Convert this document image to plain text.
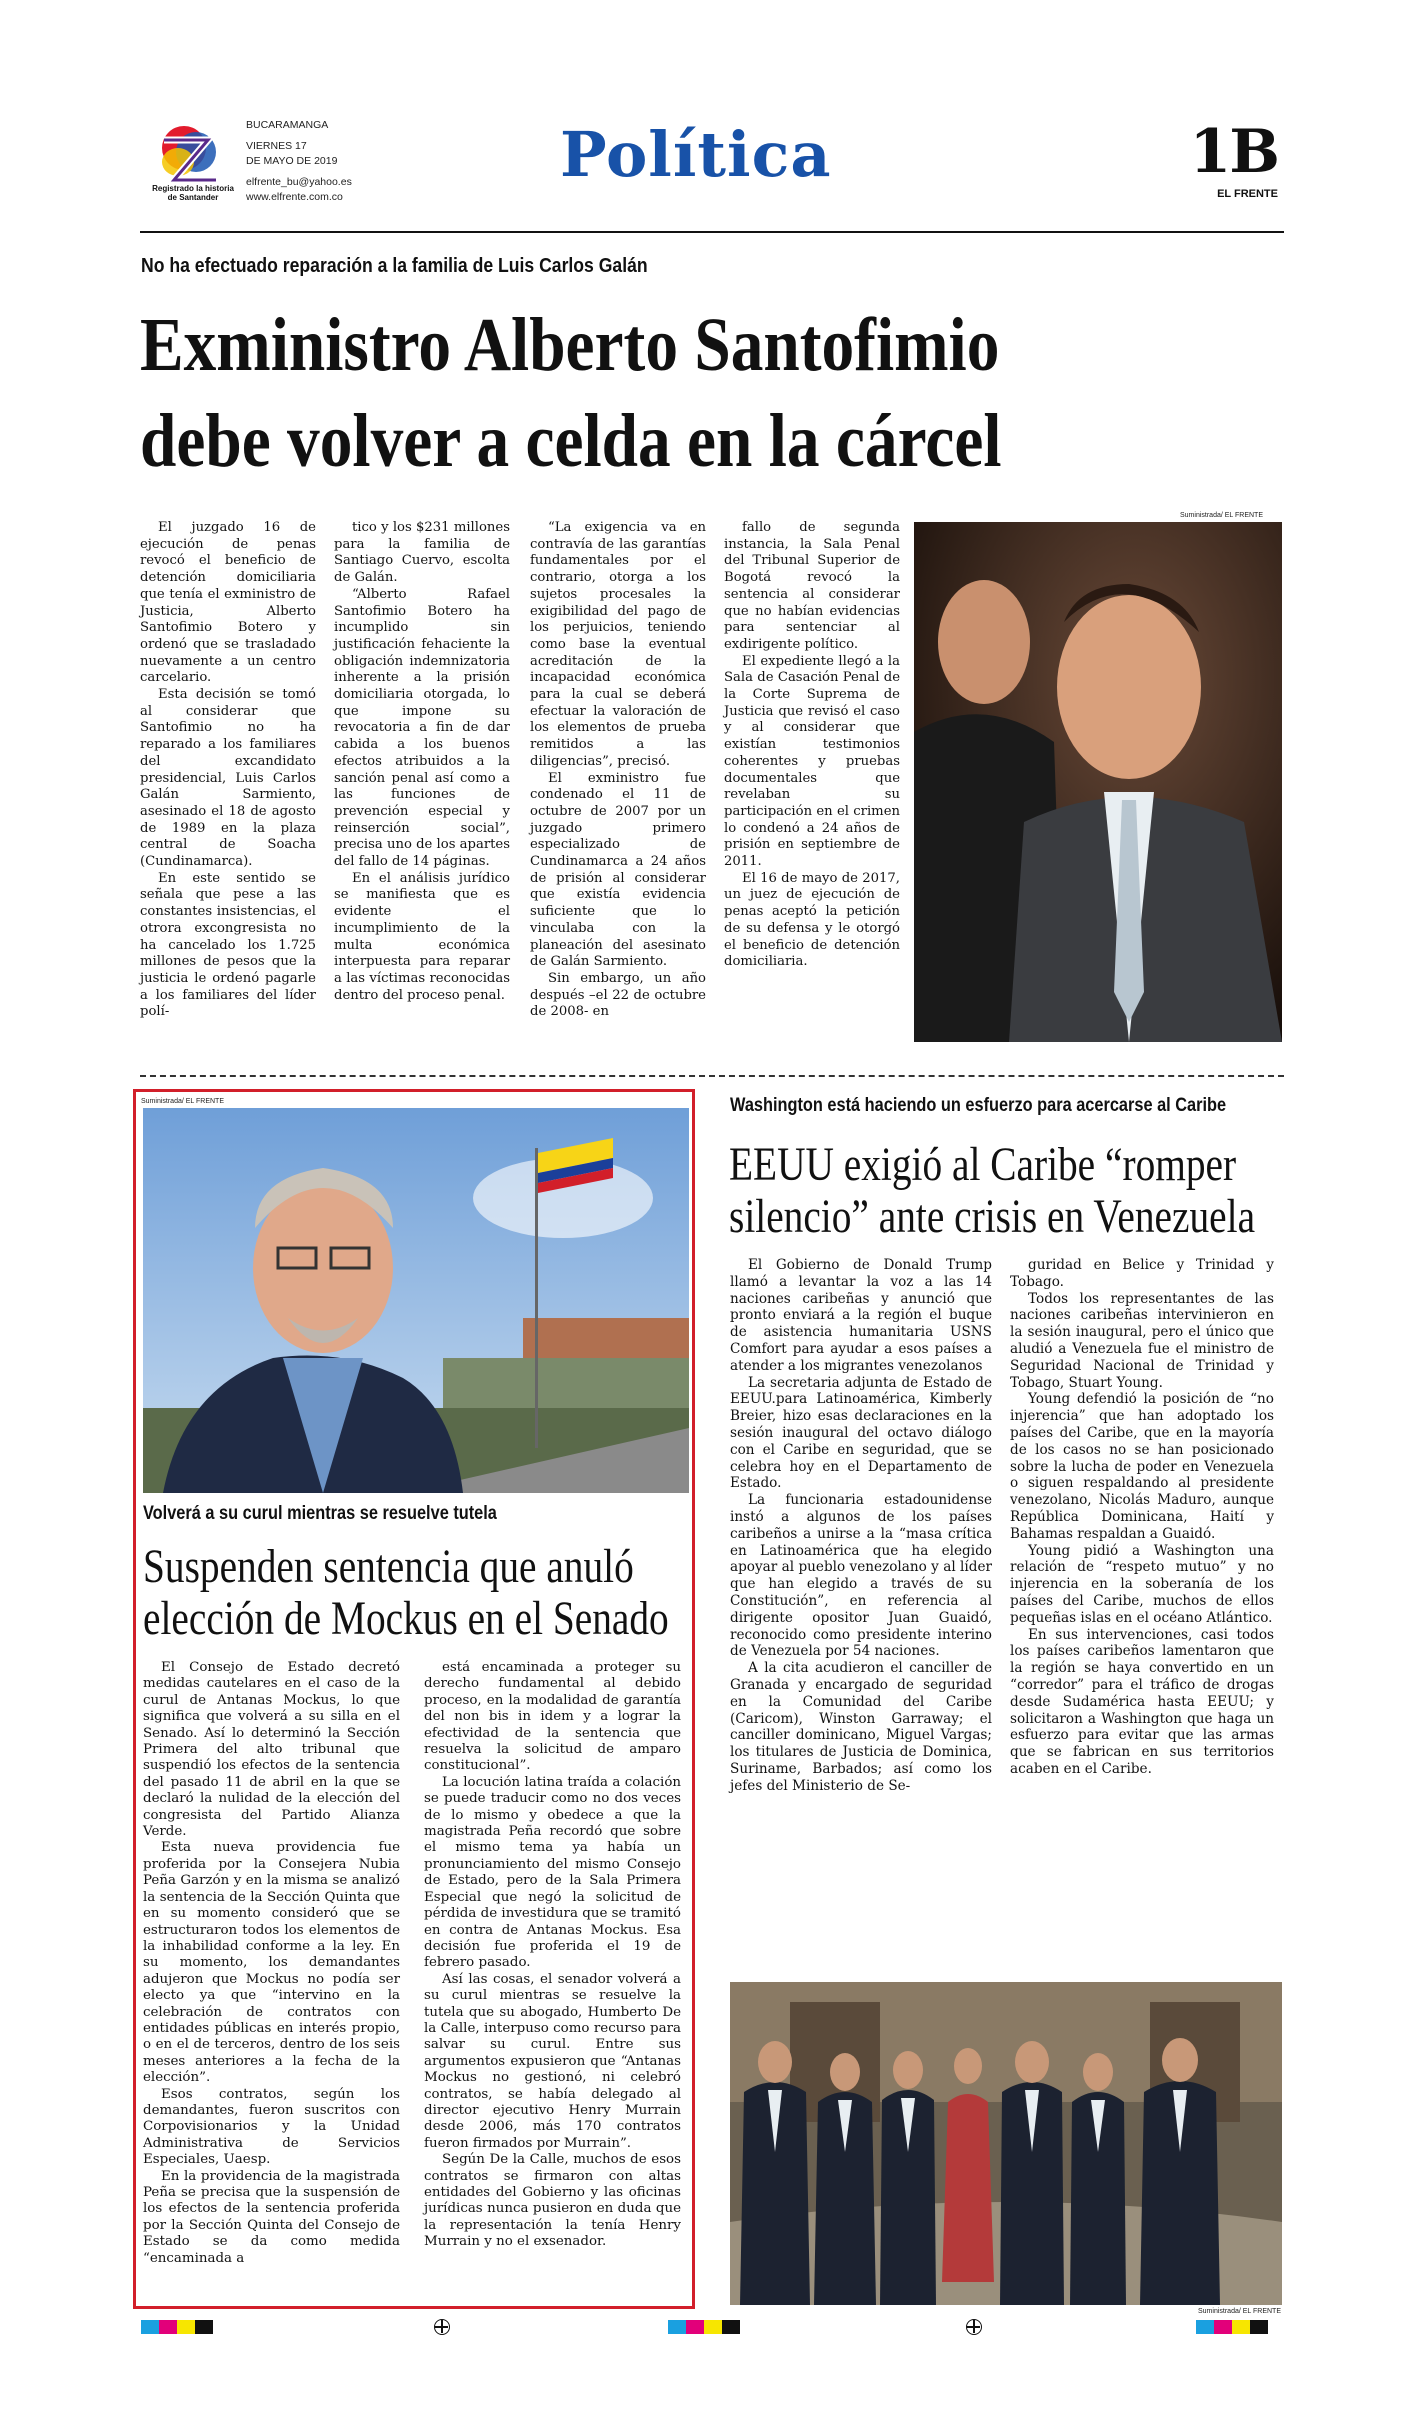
Registrado la historia de Santander
BUCARAMANGA
VIERNES 17
DE MAYO DE 2019
elfrente_bu@yahoo.es
www.elfrente.com.co
Política	1B
EL FRENTE
No ha efectuado reparación a la familia de Luis Carlos Galán
Exministro Alberto Santofimio
debe volver a celda en la cárcel

El juzgado 16 de ejecución de penas revocó el beneficio de detención domiciliaria que tenía el exministro de Justicia, Alberto Santofimio Botero y ordenó que se trasladado nuevamente a un centro carcelario.

Esta decisión se tomó al considerar que Santofimio no ha reparado a los familiares del excandidato presidencial, Luis Carlos Galán Sarmiento, asesinado el 18 de agosto de 1989 en la plaza central de Soacha (Cundinamarca).

En este sentido se señala que pese a las constantes insistencias, el otrora excongresista no ha cancelado los 1.725 millones de pesos que la justicia le ordenó pagarle a los familiares del líder polí-

tico y los $231 millones para la familia de Santiago Cuervo, escolta de Galán.

“Alberto Rafael Santofimio Botero ha incumplido sin justificación fehaciente la obligación indemnizatoria inherente a la prisión domiciliaria otorgada, lo que impone su revocatoria a fin de dar cabida a los buenos efectos atribuidos a la sanción penal así como a las funciones de prevención especial y reinserción social”, precisa uno de los apartes del fallo de 14 páginas.

En el análisis jurídico se manifiesta que es evidente el incumplimiento de la multa económica interpuesta para reparar a las víctimas reconocidas dentro del proceso penal.

“La exigencia va en contravía de las garantías fundamentales por el contrario, otorga a los sujetos procesales la exigibilidad del pago de los perjuicios, teniendo como base la eventual acreditación de la incapacidad económica para la cual se deberá efectuar la valoración de los elementos de prueba remitidos a las diligencias”, precisó.

El exministro fue condenado el 11 de octubre de 2007 por un juzgado primero especializado de Cundinamarca a 24 años de prisión al considerar que existía evidencia suficiente que lo vinculaba con la planeación del asesinato de Galán Sarmiento.

Sin embargo, un año después –el 22 de octubre de 2008- en

fallo de segunda instancia, la Sala Penal del Tribunal Superior de Bogotá revocó la sentencia al considerar que no habían evidencias para sentenciar al exdirigente político.

El expediente llegó a la Sala de Casación Penal de la Corte Suprema de Justicia que revisó el caso y al considerar que existían testimonios coherentes y pruebas documentales que revelaban su participación en el crimen lo condenó a 24 años de prisión en septiembre de 2011.

El 16 de mayo de 2017, un juez de ejecución de penas aceptó la petición de su defensa y le otorgó el beneficio de detención domiciliaria.

Suministrada/ EL FRENTE
Suministrada/ EL FRENTE
Volverá a su curul mientras se resuelve tutela
Suspenden sentencia que anuló
elección de Mockus en el Senado

El Consejo de Estado decretó medidas cautelares en el caso de la curul de Antanas Mockus, lo que significa que volverá a su silla en el Senado. Así lo determinó la Sección Primera del alto tribunal que suspendió los efectos de la sentencia del pasado 11 de abril en la que se declaró la nulidad de la elección del congresista del Partido Alianza Verde.

Esta nueva providencia fue proferida por la Consejera Nubia Peña Garzón y en la misma se analizó la sentencia de la Sección Quinta que en su momento consideró que se estructuraron todos los elementos de la inhabilidad conforme a la ley. En su momento, los demandantes adujeron que Mockus no podía ser electo ya que “intervino en la celebración de contratos con entidades públicas en interés propio, o en el de terceros, dentro de los seis meses anteriores a la fecha de la elección”.

Esos contratos, según los demandantes, fueron suscritos con Corpovisionarios y la Unidad Administrativa de Servicios Especiales, Uaesp.

En la providencia de la magistrada Peña se precisa que la suspensión de los efectos de la sentencia proferida por la Sección Quinta del Consejo de Estado se da como medida “encaminada a

está encaminada a proteger su derecho fundamental al debido proceso, en la modalidad de garantía del non bis in idem y a lograr la efectividad de la sentencia que resuelva la solicitud de amparo constitucional”.

La locución latina traída a colación se puede traducir como no dos veces de lo mismo y obedece a que la magistrada Peña recordó que sobre el mismo tema ya había un pronunciamiento del mismo Consejo de Estado, pero de la Sala Primera Especial que negó la solicitud de pérdida de investidura que se tramitó en contra de Antanas Mockus. Esa decisión fue proferida el 19 de febrero pasado.

Así las cosas, el senador volverá a su curul mientras se resuelve la tutela que su abogado, Humberto De la Calle, interpuso como recurso para salvar su curul. Entre sus argumentos expusieron que “Antanas Mockus no gestionó, ni celebró contratos, se había delegado al director ejecutivo Henry Murrain desde 2006, más 170 contratos fueron firmados por Murrain”.

Según De la Calle, muchos de esos contratos se firmaron con altas entidades del Gobierno y las oficinas jurídicas nunca pusieron en duda que la representación la tenía Henry Murrain y no el exsenador.

Washington está haciendo un esfuerzo para acercarse al Caribe
EEUU exigió al Caribe “romper
silencio” ante crisis en Venezuela

El Gobierno de Donald Trump llamó a levantar la voz a las 14 naciones caribeñas y anunció que pronto enviará a la región el buque de asistencia humanitaria USNS Comfort para ayudar a esos países a atender a los migrantes venezolanos

La secretaria adjunta de Estado de EEUU.para Latinoamérica, Kimberly Breier, hizo esas declaraciones en la sesión inaugural del octavo diálogo con el Caribe en seguridad, que se celebra hoy en el Departamento de Estado.

La funcionaria estadounidense instó a algunos de los países caribeños a unirse a la “masa crítica en Latinoamérica que ha elegido apoyar al pueblo venezolano y al líder que han elegido a través de su Constitución”, en referencia al dirigente opositor Juan Guaidó, reconocido como presidente interino de Venezuela por 54 naciones.

A la cita acudieron el canciller de Granada y encargado de seguridad en la Comunidad del Caribe (Caricom), Winston Garraway; el canciller dominicano, Miguel Vargas; los titulares de Justicia de Dominica, Suriname, Barbados; así como los jefes del Ministerio de Se-

guridad en Belice y Trinidad y Tobago.

Todos los representantes de las naciones caribeñas intervinieron en la sesión inaugural, pero el único que aludió a Venezuela fue el ministro de Seguridad Nacional de Trinidad y Tobago, Stuart Young.

Young defendió la posición de “no injerencia” que han adoptado los países del Caribe, que en la mayoría de los casos no se han posicionado sobre la lucha de poder en Venezuela o siguen respaldando al presidente venezolano, Nicolás Maduro, aunque República Dominicana, Haití y Bahamas respaldan a Guaidó.

Young pidió a Washington una relación de “respeto mutuo” y no injerencia en la soberanía de los países del Caribe, muchos de ellos pequeñas islas en el océano Atlántico.

En sus intervenciones, casi todos los países caribeños lamentaron que la región se haya convertido en un “corredor” para el tráfico de drogas desde Sudamérica hasta EEUU; y solicitaron a Washington que haga un esfuerzo para evitar que las armas que se fabrican en sus territorios acaben en el Caribe.

Suministrada/ EL FRENTE
